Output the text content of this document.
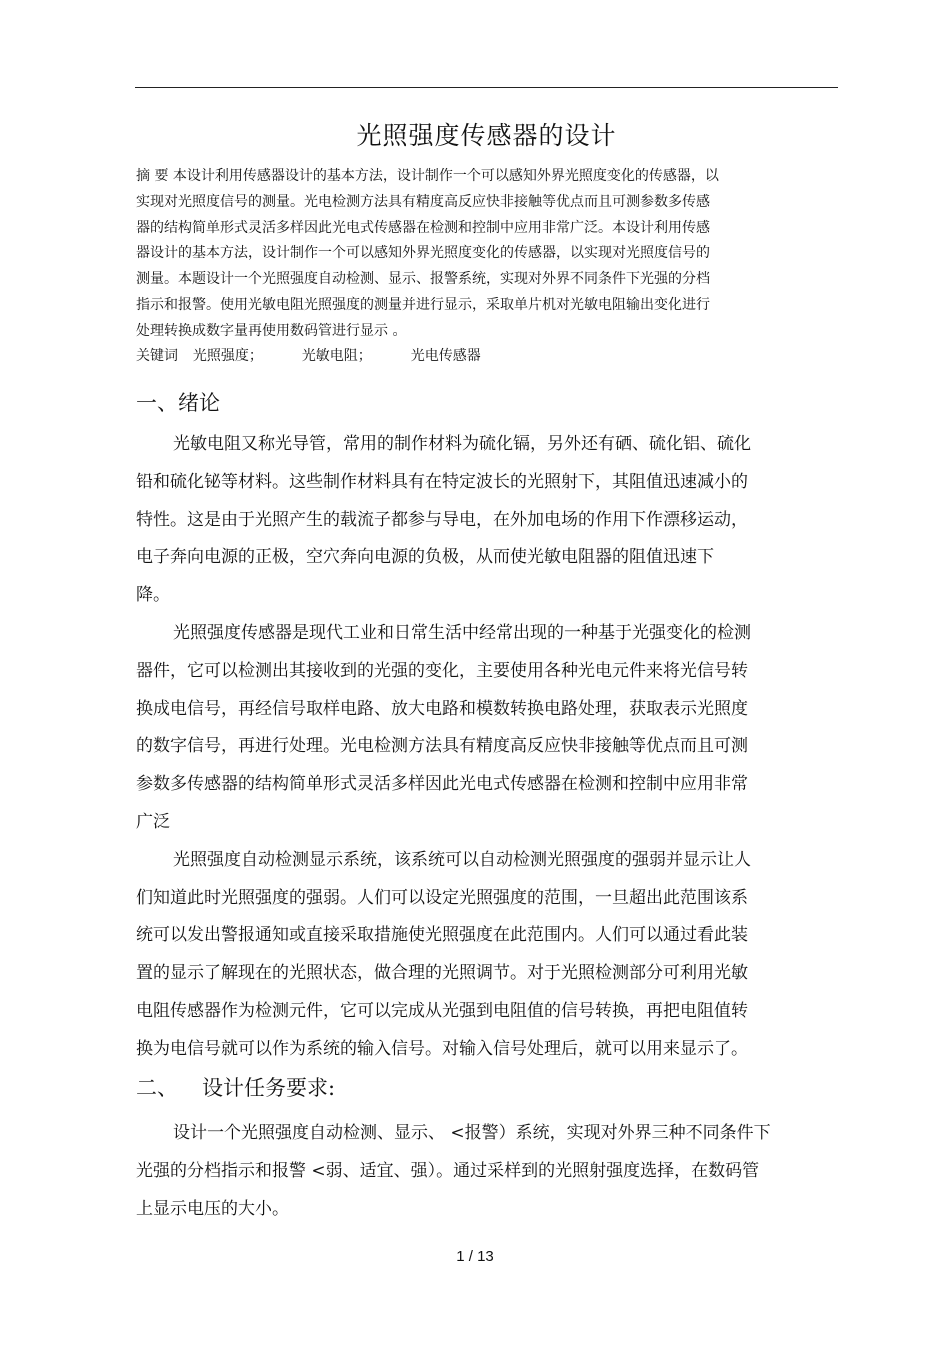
光照强度传感器的设计
摘 要 本设计利用传感器设计的基本方法，设计制作一个可以感知外界光照度变化的传感器，以
实现对光照度信号的测量。光电检测方法具有精度高反应快非接触等优点而且可测参数多传感
器的结构简单形式灵活多样因此光电式传感器在检测和控制中应用非常广泛。本设计利用传感
器设计的基本方法，设计制作一个可以感知外界光照度变化的传感器，以实现对光照度信号的
测量。本题设计一个光照强度自动检测、显示、报警系统，实现对外界不同条件下光强的分档
指示和报警。使用光敏电阻光照强度的测量并进行显示，采取单片机对光敏电阻输出变化进行
处理转换成数字量再使用数码管进行显示 。
关键词 光照强度；	光敏电阻；	光电传感器
一、绪论
光敏电阻又称光导管，常用的制作材料为硫化镉，另外还有硒、硫化铝、硫化
铅和硫化铋等材料。这些制作材料具有在特定波长的光照射下，其阻值迅速减小的
特性。这是由于光照产生的载流子都参与导电，在外加电场的作用下作漂移运动，
电子奔向电源的正极，空穴奔向电源的负极，从而使光敏电阻器的阻值迅速下
降。
光照强度传感器是现代工业和日常生活中经常出现的一种基于光强变化的检测
器件，它可以检测出其接收到的光强的变化，主要使用各种光电元件来将光信号转
换成电信号，再经信号取样电路、放大电路和模数转换电路处理，获取表示光照度
的数字信号，再进行处理。光电检测方法具有精度高反应快非接触等优点而且可测
参数多传感器的结构简单形式灵活多样因此光电式传感器在检测和控制中应用非常
广泛
光照强度自动检测显示系统，该系统可以自动检测光照强度的强弱并显示让人
们知道此时光照强度的强弱。人们可以设定光照强度的范围，一旦超出此范围该系
统可以发出警报通知或直接采取措施使光照强度在此范围内。人们可以通过看此装
置的显示了解现在的光照状态，做合理的光照调节。对于光照检测部分可利用光敏
电阻传感器作为检测元件，它可以完成从光强到电阻值的信号转换，再把电阻值转
换为电信号就可以作为系统的输入信号。对输入信号处理后，就可以用来显示了。
二、 设计任务要求:
设计一个光照强度自动检测、显示、 <报警）系统，实现对外界三种不同条件下
光强的分档指示和报警 <弱、适宜、强）。通过采样到的光照射强度选择，在数码管
上显示电压的大小。
1 / 13
